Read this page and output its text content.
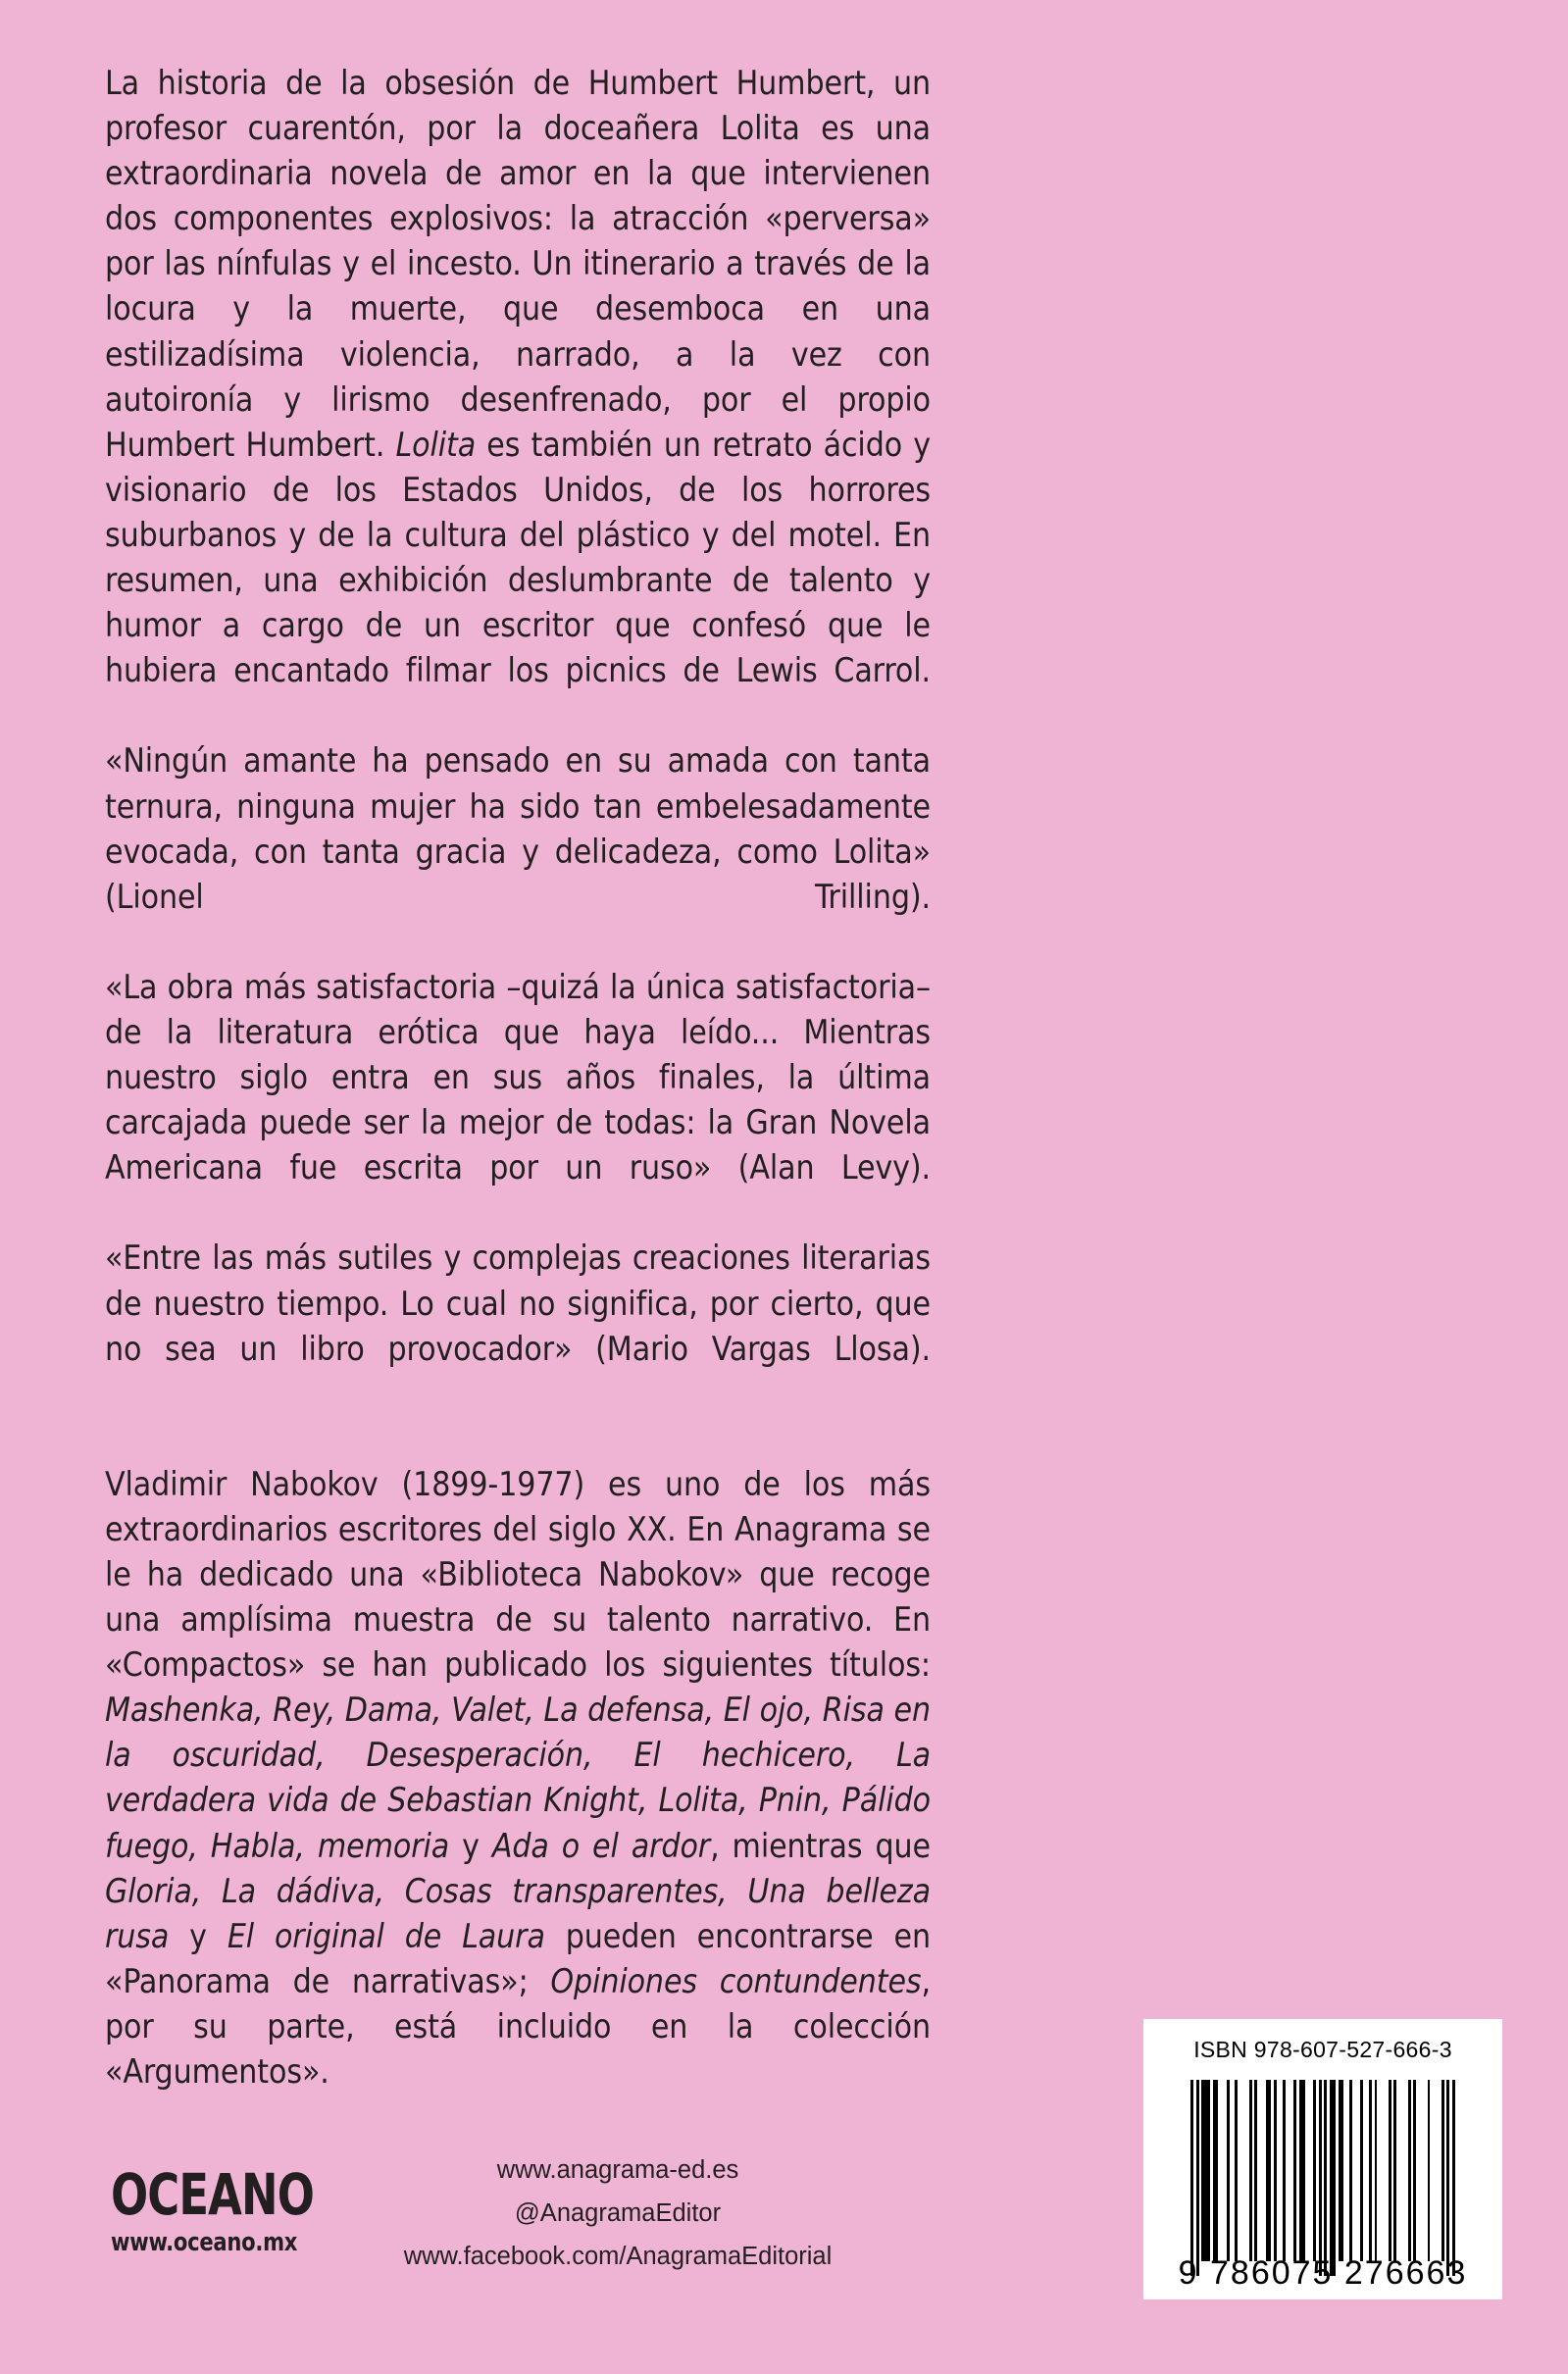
La historia de la obsesión de Humbert Humbert, un profesor cuarentón, por la doceañera Lolita es una extraordinaria novela de amor en la que intervienen dos componentes explosivos: la atracción «perversa» por las nínfulas y el incesto. Un itinerario a través de la locura y la muerte, que desemboca en una estilizadísima violencia, narrado, a la vez con autoironía y lirismo desenfrenado, por el propio Humbert Humbert. Lolita es también un retrato ácido y visionario de los Estados Unidos, de los horrores suburbanos y de la cultura del plástico y del motel. En resumen, una exhibición deslumbrante de talento y humor a cargo de un escritor que confesó que le hubiera encantado filmar los picnics de Lewis Carrol.

«Ningún amante ha pensado en su amada con tanta ternura, ninguna mujer ha sido tan embelesadamente evocada, con tanta gracia y delicadeza, como Lolita» (Lionel Trilling).

«La obra más satisfactoria –quizá la única satisfactoria– de la literatura erótica que haya leído... Mientras nuestro siglo entra en sus años finales, la última carcajada puede ser la mejor de todas: la Gran Novela Americana fue escrita por un ruso» (Alan Levy).

«Entre las más sutiles y complejas creaciones literarias de nuestro tiempo. Lo cual no significa, por cierto, que no sea un libro provocador» (Mario Vargas Llosa).

Vladimir Nabokov (1899-1977) es uno de los más extraordinarios escritores del siglo XX. En Anagrama se le ha dedicado una «Biblioteca Nabokov» que recoge una amplísima muestra de su talento narrativo. En «Compactos» se han publicado los siguientes títulos: Mashenka, Rey, Dama, Valet, La defensa, El ojo, Risa en la oscuridad, Desesperación, El hechicero, La verdadera vida de Sebastian Knight, Lolita, Pnin, Pálido fuego, Habla, memoria y Ada o el ardor, mientras que Gloria, La dádiva, Cosas transparentes, Una belleza rusa y El original de Laura pueden encontrarse en «Panorama de narrativas»; Opiniones contundentes, por su parte, está incluido en la colección «Argumentos».

OCEANO
www.oceano.mx
www.anagrama-ed.es
@AnagramaEditor
www.facebook.com/AnagramaEditorial
ISBN 978-607-527-666-3
9 786075 276663
